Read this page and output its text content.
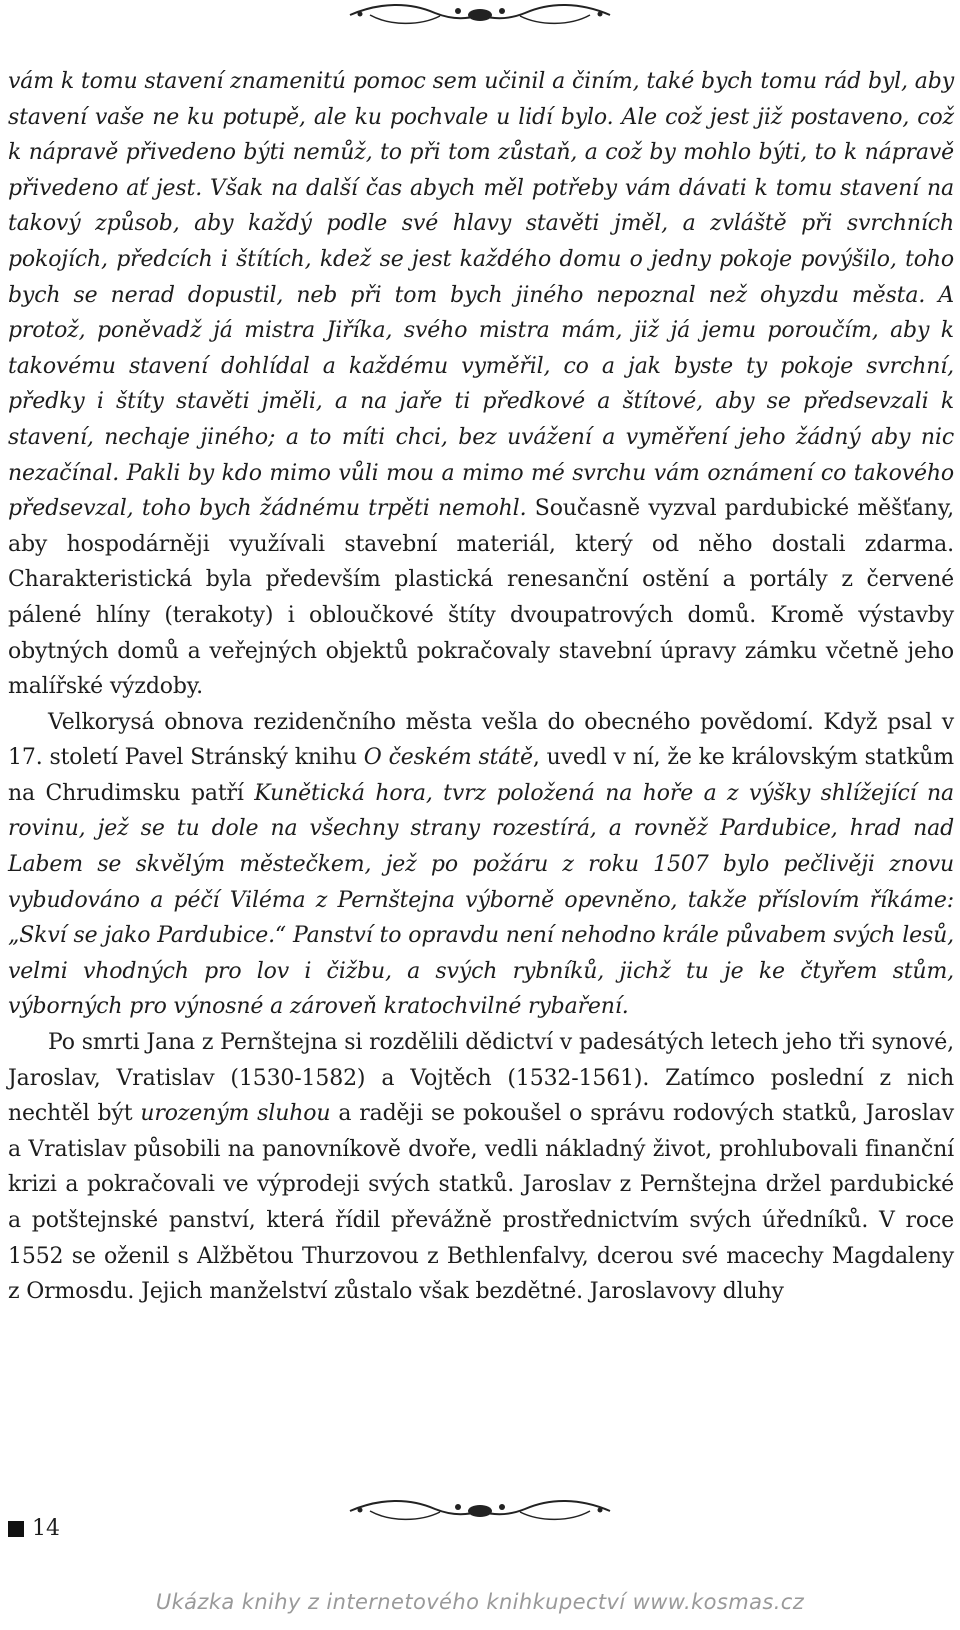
vám k tomu stavení znamenitú pomoc sem učinil a činím, také bych tomu rád byl, aby stavení vaše ne ku potupě, ale ku pochvale u lidí bylo. Ale což jest již postaveno, což k nápravě přivedeno býti nemůž, to při tom zůstaň, a což by mohlo býti, to k nápravě přivedeno ať jest. Však na další čas abych měl potřeby vám dávati k tomu stavení na takový způsob, aby každý podle své hlavy stavěti jměl, a zvláště při svrchních pokojích, předcích i štítích, kdež se jest každého domu o jedny pokoje povýšilo, toho bych se nerad dopustil, neb při tom bych jiného nepoznal než ohyzdu města. A protož, poněvadž já mistra Jiříka, svého mistra mám, již já jemu poroučím, aby k takovému stavení dohlídal a každému vyměřil, co a jak byste ty pokoje svrchní, předky i štíty stavěti jměli, a na jaře ti předkové a štítové, aby se předsevzali k stavení, nechaje jiného; a to míti chci, bez uvážení a vyměření jeho žádný aby nic nezačínal. Pakli by kdo mimo vůli mou a mimo mé svrchu vám oznámení co takového předsevzal, toho bych žádnému trpěti nemohl. Současně vyzval pardubické měšťany, aby hospodárněji využívali stavební materiál, který od něho dostali zdarma. Charakteristická byla především plastická renesanční ostění a portály z červené pálené hlíny (terakoty) i obloučkové štíty dvoupatrových domů. Kromě výstavby obytných domů a veřejných objektů pokračovaly stavební úpravy zámku včetně jeho malířské výzdoby.

Velkorysá obnova rezidenčního města vešla do obecného povědomí. Když psal v 17. století Pavel Stránský knihu O českém státě, uvedl v ní, že ke královským statkům na Chrudimsku patří Kunětická hora, tvrz položená na hoře a z výšky shlížející na rovinu, jež se tu dole na všechny strany rozestírá, a rovněž Pardubice, hrad nad Labem se skvělým městečkem, jež po požáru z roku 1507 bylo pečlivěji znovu vybudováno a péčí Viléma z Pernštejna výborně opevněno, takže příslovím říkáme: „Skví se jako Pardubice.“ Panství to opravdu není nehodno krále půvabem svých lesů, velmi vhodných pro lov i čižbu, a svých rybníků, jichž tu je ke čtyřem stům, výborných pro výnosné a zároveň kratochvilné rybaření.

Po smrti Jana z Pernštejna si rozdělili dědictví v padesátých letech jeho tři synové, Jaroslav, Vratislav (1530-1582) a Vojtěch (1532-1561). Zatímco poslední z nich nechtěl být urozeným sluhou a raději se pokoušel o správu rodových statků, Jaroslav a Vratislav působili na panovníkově dvoře, vedli nákladný život, prohlubovali finanční krizi a pokračovali ve výprodeji svých statků. Jaroslav z Pernštejna držel pardubické a potštejnské panství, která řídil převážně prostřednictvím svých úředníků. V roce 1552 se oženil s Alžbětou Thurzovou z Bethlenfalvy, dcerou své macechy Magdaleny z Ormosdu. Jejich manželství zůstalo však bezdětné. Jaroslavovy dluhy

14
Ukázka knihy z internetového knihkupectví www.kosmas.cz
